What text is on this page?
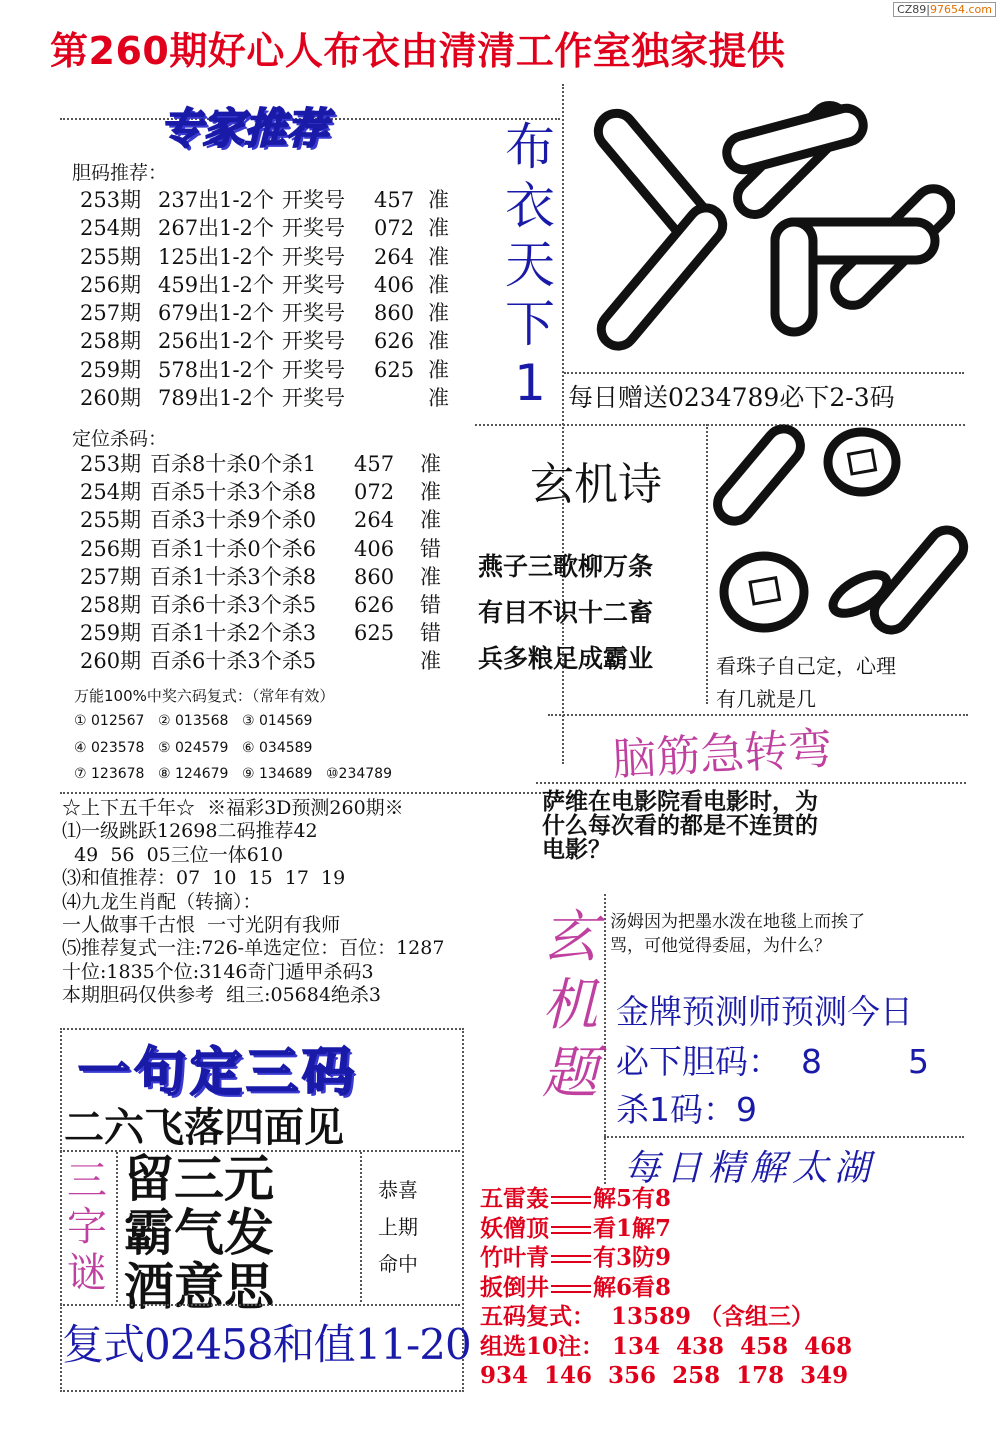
CZ89|97654.com
第260期好心人布衣由清清工作室独家提供
专家推荐
胆码推荐：
253期 237出1-2个 开奖号	457 准
254期 267出1-2个 开奖号	072 准
255期 125出1-2个 开奖号	264 准
256期 459出1-2个 开奖号	406 准
257期 679出1-2个 开奖号	860 准
258期 256出1-2个 开奖号	626 准
259期 578出1-2个 开奖号	625 准
260期 789出1-2个 开奖号	准
定位杀码：
253期 百杀8十杀0个杀1	457	准
254期 百杀5十杀3个杀8	072	准
255期 百杀3十杀9个杀0	264	准
256期 百杀1十杀0个杀6	406	错
257期 百杀1十杀3个杀8	860	准
258期 百杀6十杀3个杀5	626	错
259期 百杀1十杀2个杀3	625	错
260期 百杀6十杀3个杀5	准
万能100%中奖六码复式：（常年有效）
① 012567 ② 013568 ③ 014569
④ 023578 ⑤ 024579 ⑥ 034589
⑦ 123678 ⑧ 124679 ⑨ 134689 ⑩234789
☆上下五千年☆  ※福彩3D预测260期※
⑴一级跳跃12698二码推荐42
49  56  05三位一体610
⑶和值推荐：07  10  15  17  19
⑷九龙生肖配（转摘）：
一人做事千古恨  一寸光阴有我师
⑸推荐复式一注:726-单选定位：百位：1287
十位:1835个位:3146奇门遁甲杀码3
本期胆码仅供参考  组三:05684绝杀3
布
衣
天
下
1 每日赠送0234789必下2-3码
玄机诗
燕子三歌柳万条
有目不识十二畜
兵多粮足成霸业	看珠子自己定，心理
有几就是几
脑筋急转弯
萨维在电影院看电影时，为
什么每次看的都是不连贯的
电影？
玄
机
题
汤姆因为把墨水泼在地毯上而挨了
骂，可他觉得委屈，为什么？
金牌预测师预测今日
必下胆码： 8	5
杀1码：9
每日精解太湖
五雷轰 解5有8
妖僧顶 看1解7
竹叶青 有3防9
扳倒井 解6看8
五码复式：  13589 （含组三）
组选10注： 134  438  458  468
934  146  356  258  178  349
一句定三码
二六飞落四面见
三
字
谜
留三元
霸气发
酒意思
恭喜
上期
命中
复式02458和值11-20
